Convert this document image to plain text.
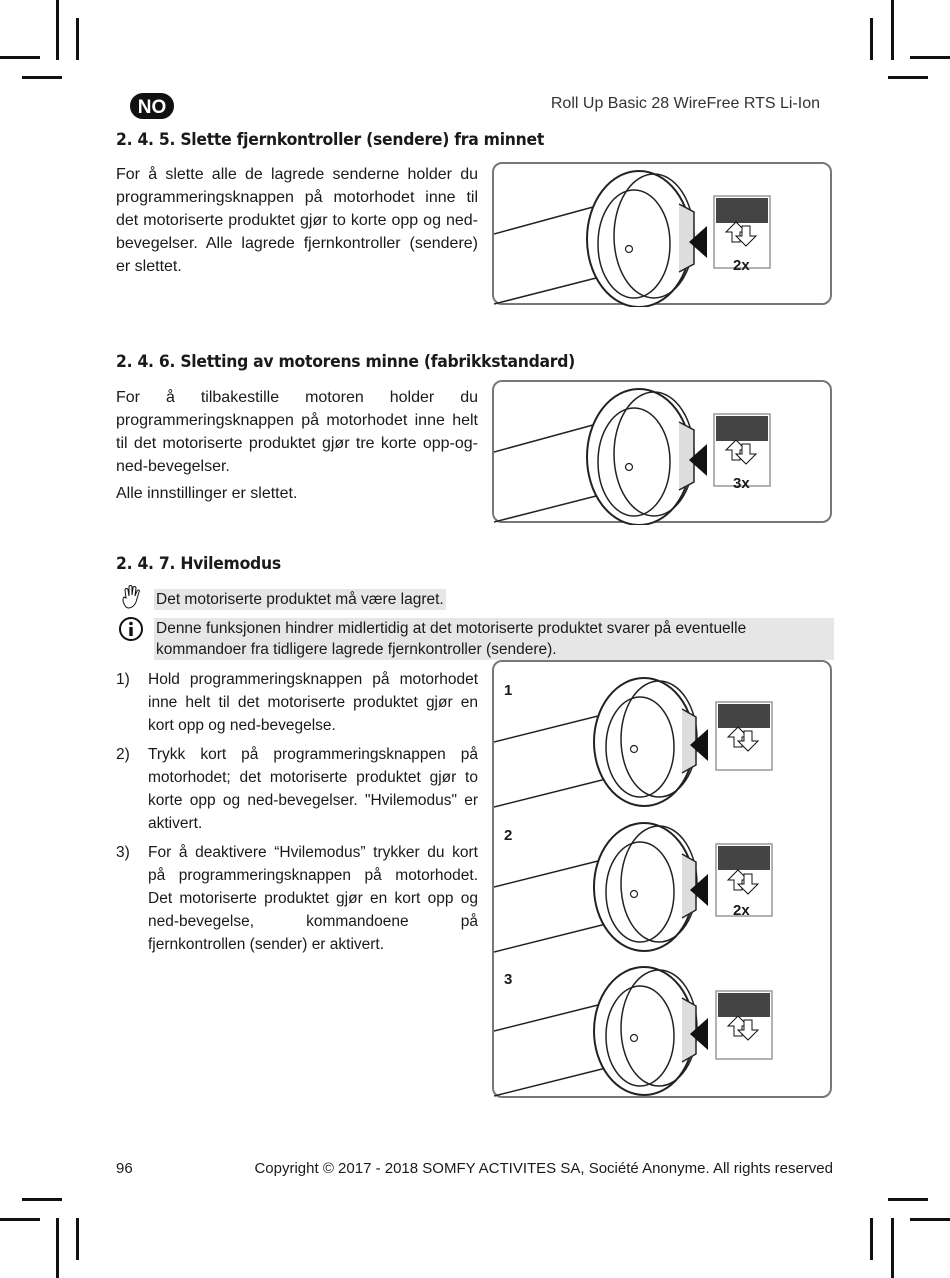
NO	Roll Up Basic 28 WireFree RTS Li-Ion
2. 4. 5. Slette fjernkontroller (sendere) fra minnet

For å slette alle de lagrede senderne holder du programmeringsknappen på motorhodet inne til det motoriserte produktet gjør to korte opp og ned-bevegelser. Alle lagrede fjernkontroller (sendere) er slettet.	2x
2. 4. 6. Sletting av motorens minne (fabrikkstandard)

For å tilbakestille motoren holder du programmeringsknappen på motorhodet inne helt til det motoriserte produktet gjør tre korte opp-og-ned-bevegelser.

Alle innstillinger er slettet.

3x
2. 4. 7. Hvilemodus
Det motoriserte produktet må være lagret.
Denne funksjonen hindrer midlertidig at det motoriserte produktet svarer på eventuelle kommandoer fra tidligere lagrede fjernkontroller (sendere).
1) Hold programmeringsknappen på motorhodet inne helt til det motoriserte produktet gjør en kort opp og ned-bevegelse.
2) Trykk kort på programmeringsknappen på motorhodet; det motoriserte produktet gjør to korte opp og ned-bevegelser. "Hvilemodus" er aktivert.
3) For å deaktivere “Hvilemodus” trykker du kort på programmeringsknappen på motorhodet. Det motoriserte produktet gjør en kort opp og ned-bevegelse, kommandoene på fjernkontrollen (sender) er aktivert.
1
2
2x
3
96	Copyright © 2017 - 2018 SOMFY ACTIVITES SA, Société Anonyme. All rights reserved
